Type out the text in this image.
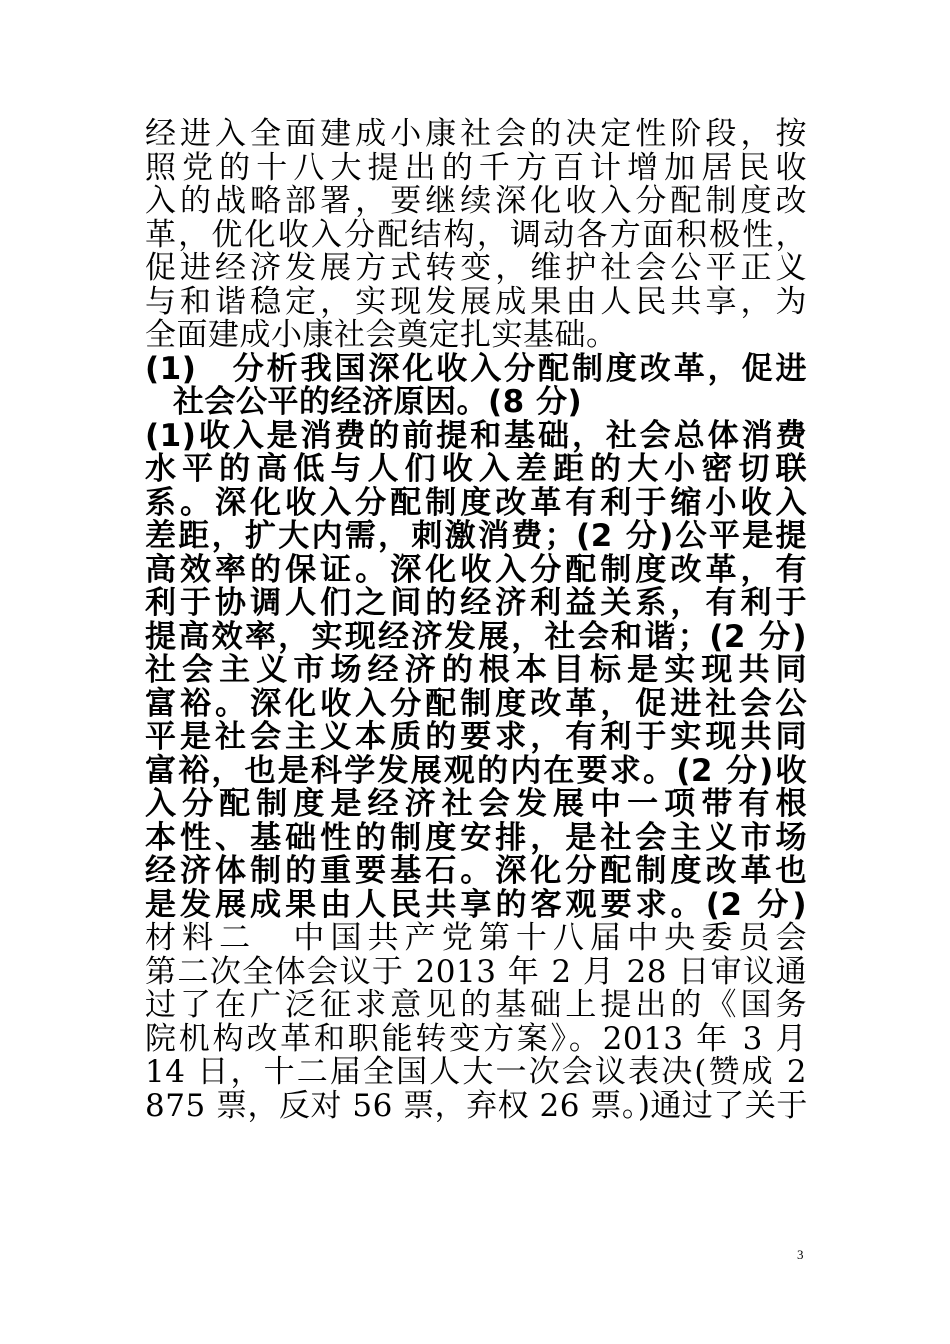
经进入全面建成小康社会的决定性阶段，按
照党的十八大提出的千方百计增加居民收
入的战略部署，要继续深化收入分配制度改
革，优化收入分配结构，调动各方面积极性，
促进经济发展方式转变，维护社会公平正义
与和谐稳定，实现发展成果由人民共享，为
全面建成小康社会奠定扎实基础。
(1)　分析我国深化收入分配制度改革，促进
社会公平的经济原因。(8 分)
(1)收入是消费的前提和基础，社会总体消费
水平的高低与人们收入差距的大小密切联
系。深化收入分配制度改革有利于缩小收入
差距，扩大内需，刺激消费；(2 分)公平是提
高效率的保证。深化收入分配制度改革，有
利于协调人们之间的经济利益关系，有利于
提高效率，实现经济发展，社会和谐；(2 分)
社会主义市场经济的根本目标是实现共同
富裕。深化收入分配制度改革，促进社会公
平是社会主义本质的要求，有利于实现共同
富裕，也是科学发展观的内在要求。(2 分)收
入分配制度是经济社会发展中一项带有根
本性、基础性的制度安排，是社会主义市场
经济体制的重要基石。深化分配制度改革也
是发展成果由人民共享的客观要求。(2 分)
材料二　中国共产党第十八届中央委员会
第二次全体会议于 2013 年 2 月 28 日审议通
过了在广泛征求意见的基础上提出的《国务
院机构改革和职能转变方案》。2013 年 3 月
14 日，十二届全国人大一次会议表决(赞成 2
875 票，反对 56 票，弃权 26 票。)通过了关于
3
